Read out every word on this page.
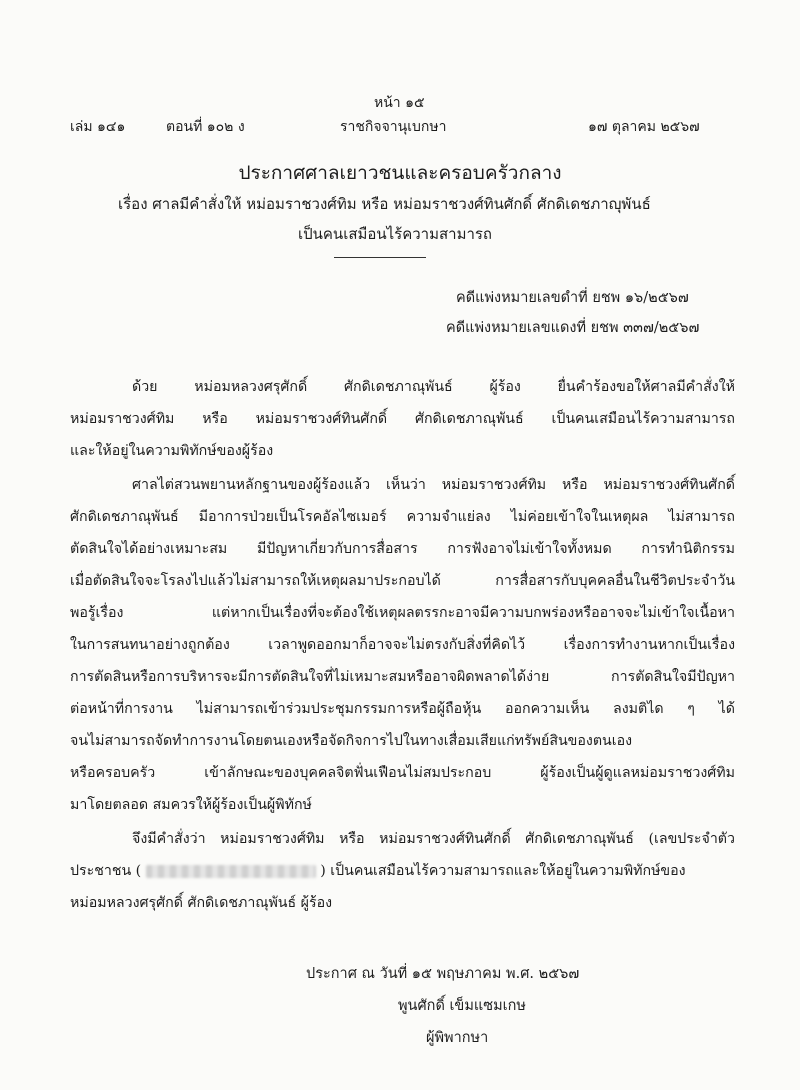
หน้า ๑๕
เล่ม ๑๔๑	ตอนที่ ๑๐๒ ง	ราชกิจจานุเบกษา	๑๗ ตุลาคม ๒๕๖๗
ประกาศศาลเยาวชนและครอบครัวกลาง
เรื่อง ศาลมีคำสั่งให้ หม่อมราชวงศ์ทิม หรือ หม่อมราชวงศ์ทินศักดิ์ ศักดิเดชภาญุพันธ์
เป็นคนเสมือนไร้ความสามารถ
คดีแพ่งหมายเลขดำที่ ยชพ ๑๖/๒๕๖๗
คดีแพ่งหมายเลขแดงที่ ยชพ ๓๓๗/๒๕๖๗
ด้วย หม่อมหลวงศรุศักดิ์ ศักดิเดชภาณุพันธ์ ผู้ร้อง ยื่นคำร้องขอให้ศาลมีคำสั่งให้
หม่อมราชวงศ์ทิม หรือ หม่อมราชวงศ์ทินศักดิ์ ศักดิเดชภาณุพันธ์ เป็นคนเสมือนไร้ความสามารถ
และให้อยู่ในความพิทักษ์ของผู้ร้อง
ศาลไต่สวนพยานหลักฐานของผู้ร้องแล้ว เห็นว่า หม่อมราชวงศ์ทิม หรือ หม่อมราชวงศ์ทินศักดิ์
ศักดิเดชภาณุพันธ์ มีอาการป่วยเป็นโรคอัลไซเมอร์ ความจำแย่ลง ไม่ค่อยเข้าใจในเหตุผล ไม่สามารถ
ตัดสินใจได้อย่างเหมาะสม มีปัญหาเกี่ยวกับการสื่อสาร การฟังอาจไม่เข้าใจทั้งหมด การทำนิติกรรม
เมื่อตัดสินใจจะโรลงไปแล้วไม่สามารถให้เหตุผลมาประกอบได้ การสื่อสารกับบุคคลอื่นในชีวิตประจำวัน
พอรู้เรื่อง แต่หากเป็นเรื่องที่จะต้องใช้เหตุผลตรรกะอาจมีความบกพร่องหรืออาจจะไม่เข้าใจเนื้อหา
ในการสนทนาอย่างถูกต้อง เวลาพูดออกมาก็อาจจะไม่ตรงกับสิ่งที่คิดไว้ เรื่องการทำงานหากเป็นเรื่อง
การตัดสินหรือการบริหารจะมีการตัดสินใจที่ไม่เหมาะสมหรืออาจผิดพลาดได้ง่าย การตัดสินใจมีปัญหา
ต่อหน้าที่การงาน ไม่สามารถเข้าร่วมประชุมกรรมการหรือผู้ถือหุ้น ออกความเห็น ลงมติได ๆ ได้
จนไม่สามารถจัดทำการงานโดยตนเองหรือจัดกิจการไปในทางเสื่อมเสียแก่ทรัพย์สินของตนเอง
หรือครอบครัว เข้าลักษณะของบุคคลจิตฟั่นเฟือนไม่สมประกอบ ผู้ร้องเป็นผู้ดูแลหม่อมราชวงศ์ทิม
มาโดยตลอด สมควรให้ผู้ร้องเป็นผู้พิทักษ์
จึงมีคำสั่งว่า หม่อมราชวงศ์ทิม หรือ หม่อมราชวงศ์ทินศักดิ์ ศักดิเดชภาณุพันธ์ (เลขประจำตัว
ประชาชน (	) เป็นคนเสมือนไร้ความสามารถและให้อยู่ในความพิทักษ์ของ
หม่อมหลวงศรุศักดิ์ ศักดิเดชภาณุพันธ์ ผู้ร้อง
ประกาศ ณ วันที่ ๑๕ พฤษภาคม พ.ศ. ๒๕๖๗
พูนศักดิ์ เข็มแซมเกษ
ผู้พิพากษา
